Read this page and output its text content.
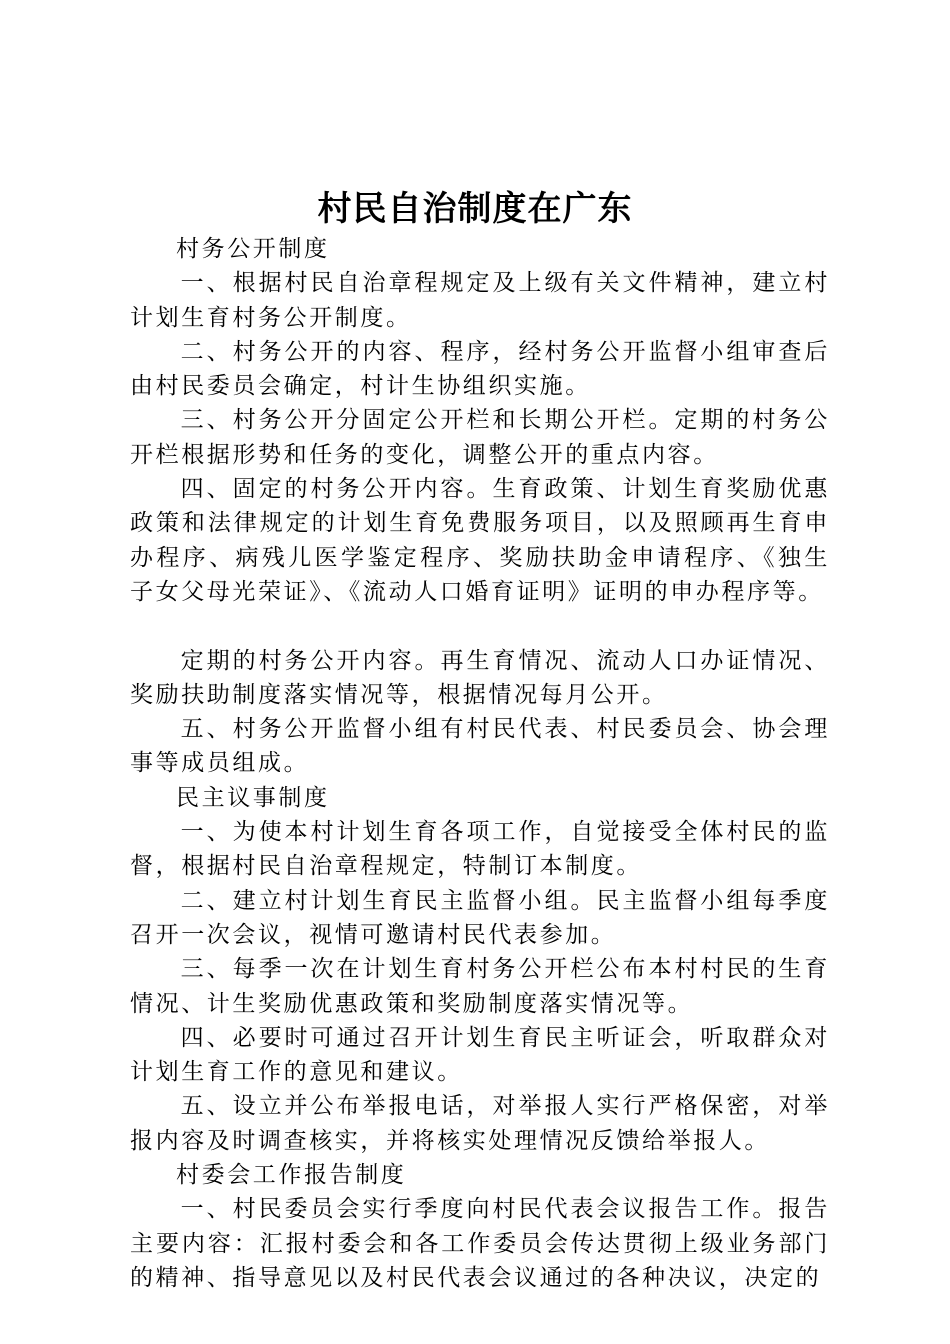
村民自治制度在广东

村务公开制度

一、根据村民自治章程规定及上级有关文件精神，建立村计划生育村务公开制度。

二、村务公开的内容、程序，经村务公开监督小组审查后由村民委员会确定，村计生协组织实施。

三、村务公开分固定公开栏和长期公开栏。定期的村务公开栏根据形势和任务的变化，调整公开的重点内容。

四、固定的村务公开内容。生育政策、计划生育奖励优惠政策和法律规定的计划生育免费服务项目，以及照顾再生育申办程序、病残儿医学鉴定程序、奖励扶助金申请程序、《独生子女父母光荣证》、《流动人口婚育证明》证明的申办程序等。

定期的村务公开内容。再生育情况、流动人口办证情况、奖励扶助制度落实情况等，根据情况每月公开。

五、村务公开监督小组有村民代表、村民委员会、协会理事等成员组成。

民主议事制度

一、为使本村计划生育各项工作，自觉接受全体村民的监督，根据村民自治章程规定，特制订本制度。

二、建立村计划生育民主监督小组。民主监督小组每季度召开一次会议，视情可邀请村民代表参加。

三、每季一次在计划生育村务公开栏公布本村村民的生育情况、计生奖励优惠政策和奖励制度落实情况等。

四、必要时可通过召开计划生育民主听证会，听取群众对计划生育工作的意见和建议。

五、设立并公布举报电话，对举报人实行严格保密，对举报内容及时调查核实，并将核实处理情况反馈给举报人。

村委会工作报告制度

一、村民委员会实行季度向村民代表会议报告工作。报告主要内容：汇报村委会和各工作委员会传达贯彻上级业务部门的精神、指导意见以及村民代表会议通过的各种决议，决定的
